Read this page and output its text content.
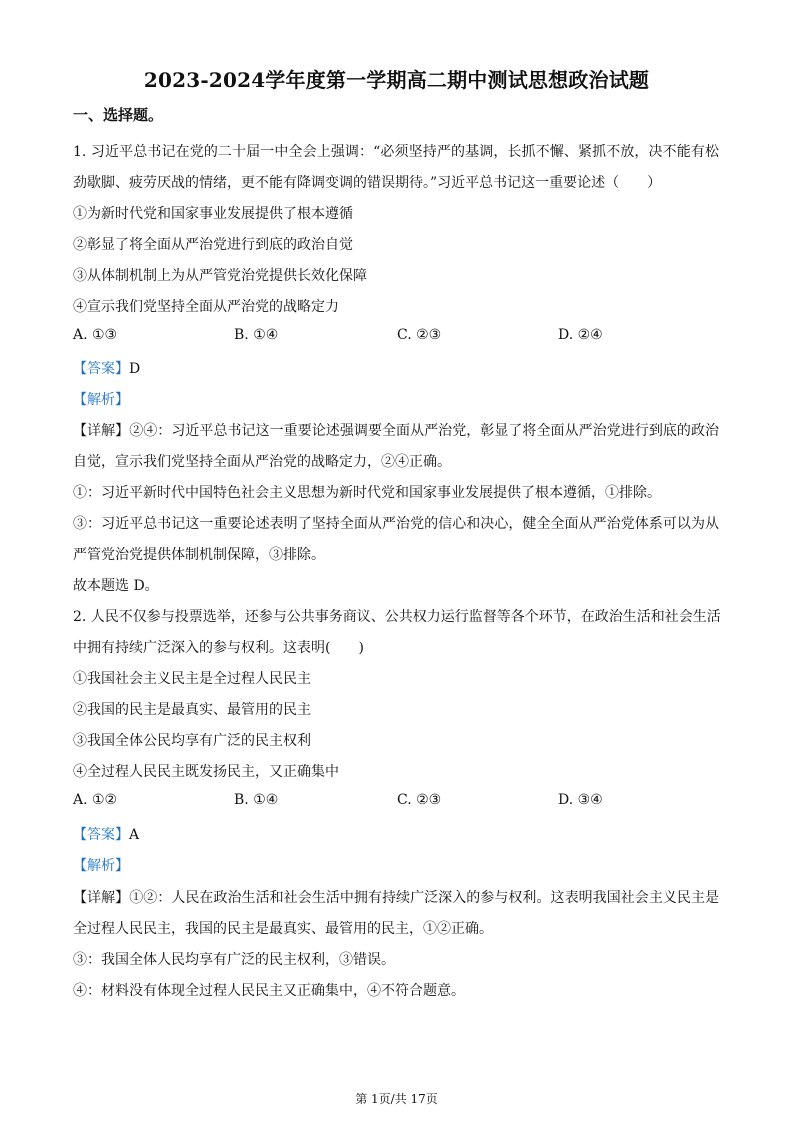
2023-2024学年度第一学期高二期中测试思想政治试题
一、选择题。
1. 习近平总书记在党的二十届一中全会上强调：“必须坚持严的基调，长抓不懈、紧抓不放，决不能有松
劲歇脚、疲劳厌战的情绪，更不能有降调变调的错误期待。”习近平总书记这一重要论述（　　）
①为新时代党和国家事业发展提供了根本遵循
②彰显了将全面从严治党进行到底的政治自觉
③从体制机制上为从严管党治党提供长效化保障
④宣示我们党坚持全面从严治党的战略定力
A. ①③	B. ①④	C. ②③	D. ②④
【答案】D
【解析】
【详解】②④：习近平总书记这一重要论述强调要全面从严治党，彰显了将全面从严治党进行到底的政治
自觉，宣示我们党坚持全面从严治党的战略定力，②④正确。
①：习近平新时代中国特色社会主义思想为新时代党和国家事业发展提供了根本遵循，①排除。
③：习近平总书记这一重要论述表明了坚持全面从严治党的信心和决心，健全全面从严治党体系可以为从
严管党治党提供体制机制保障，③排除。
故本题选 D。
2. 人民不仅参与投票选举，还参与公共事务商议、公共权力运行监督等各个环节，在政治生活和社会生活
中拥有持续广泛深入的参与权利。这表明(　　)
①我国社会主义民主是全过程人民民主
②我国的民主是最真实、最管用的民主
③我国全体公民均享有广泛的民主权利
④全过程人民民主既发扬民主，又正确集中
A. ①②	B. ①④	C. ②③	D. ③④
【答案】A
【解析】
【详解】①②：人民在政治生活和社会生活中拥有持续广泛深入的参与权利。这表明我国社会主义民主是
全过程人民民主，我国的民主是最真实、最管用的民主，①②正确。
③：我国全体人民均享有广泛的民主权利，③错误。
④：材料没有体现全过程人民民主又正确集中，④不符合题意。
第 1页/共 17页
